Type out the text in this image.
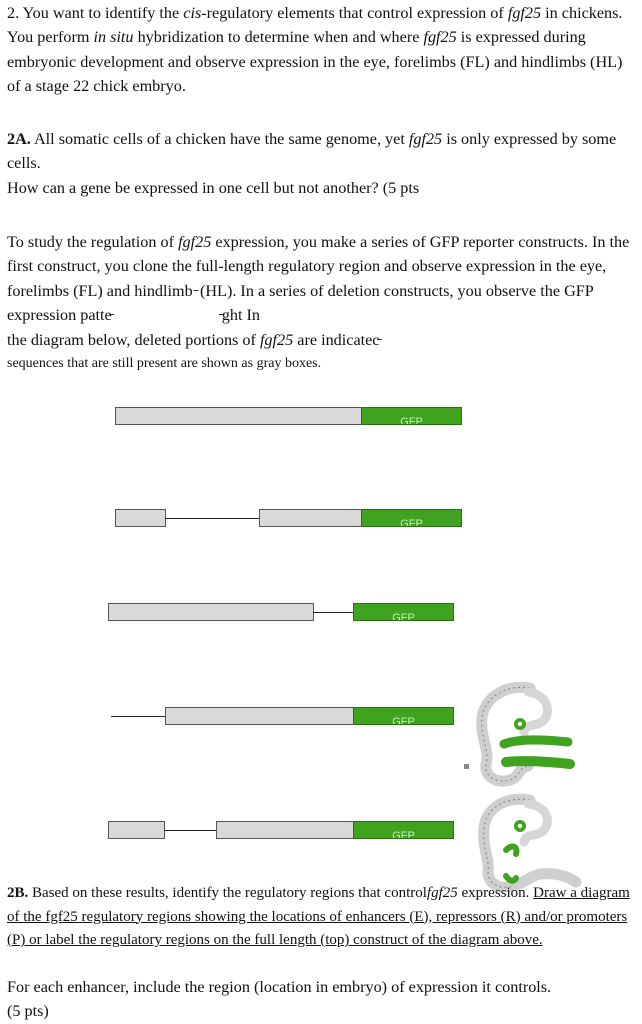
2. You want to identify the cis-regulatory elements that control expression of fgf25 in chickens. You perform in situ hybridization to determine when and where fgf25 is expressed during embryonic development and observe expression in the eye, forelimbs (FL) and hindlimbs (HL) of a stage 22 chick embryo.

2A. All somatic cells of a chicken have the same genome, yet fgf25 is only expressed by some cells.
How can a gene be expressed in one cell but not another? (5 pts

To study the regulation of fgf25 expression, you make a series of GFP reporter constructs. In the first construct, you clone the full-length regulatory region and observe expression in the eye, forelimbs (FL) and hindlimb ̵ (HL). In a series of deletion constructs, you observe the GFP expression patte̵	̵̵̵ght In
the diagram below, deleted portions of fgf25 are indicatec̵

sequences that are still present are shown as gray boxes.

GFP
GFP
GFP
GFP
GFP

2B. Based on these results, identify the regulatory regions that controlfgf25 expression. Draw a diagram of the fgf25 regulatory regions showing the locations of enhancers (E), repressors (R) and/or promoters (P) or label the regulatory regions on the full length (top) construct of the diagram above.

For each enhancer, include the region (location in embryo) of expression it controls.
(5 pts)
